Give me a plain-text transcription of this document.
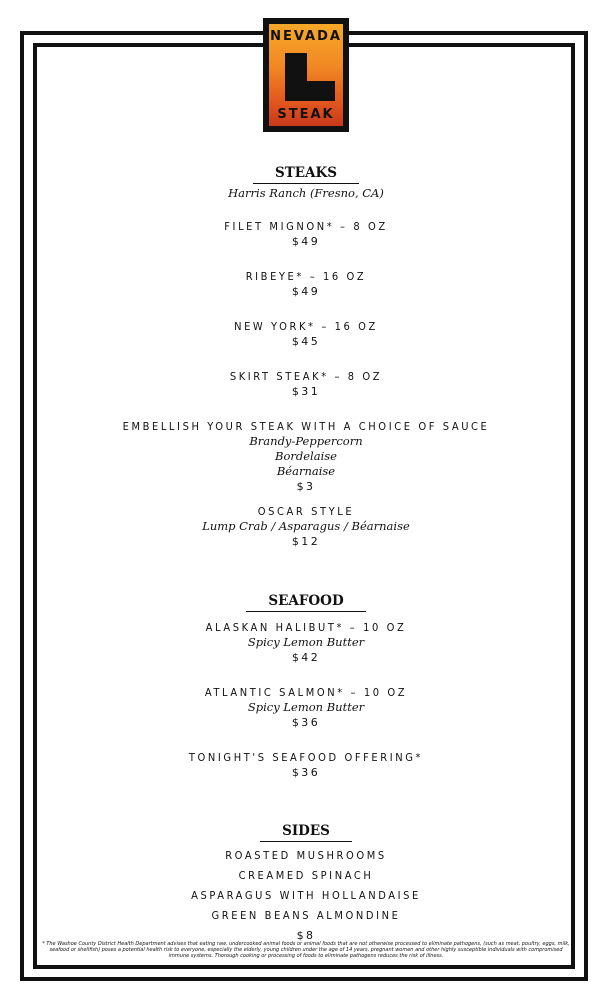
NEVADA
STEAK
STEAKS
Harris Ranch (Fresno, CA)
FILET MIGNON* – 8 OZ
$49
RIBEYE* – 16 OZ
$49
NEW YORK* – 16 OZ
$45
SKIRT STEAK* – 8 OZ
$31
EMBELLISH YOUR STEAK WITH A CHOICE OF SAUCE
Brandy-Peppercorn
Bordelaise
Béarnaise
$3
OSCAR STYLE
Lump Crab / Asparagus / Béarnaise
$12
SEAFOOD
ALASKAN HALIBUT* – 10 OZ
Spicy Lemon Butter
$42
ATLANTIC SALMON* – 10 OZ
Spicy Lemon Butter
$36
TONIGHT'S SEAFOOD OFFERING*
$36
SIDES
ROASTED MUSHROOMS
CREAMED SPINACH
ASPARAGUS WITH HOLLANDAISE
GREEN BEANS ALMONDINE
$8
* The Washoe County District Health Department advises that eating raw, undercooked animal foods or animal foods that are not otherwise processed to eliminate pathogens, (such as meat, poultry, eggs, milk, seafood or shellfish) poses a potential health risk to everyone, especially the elderly, young children under the age of 14 years, pregnant women and other highly susceptible individuals with compromised immune systems. Thorough cooking or processing of foods to eliminate pathogens reduces the risk of illness.
